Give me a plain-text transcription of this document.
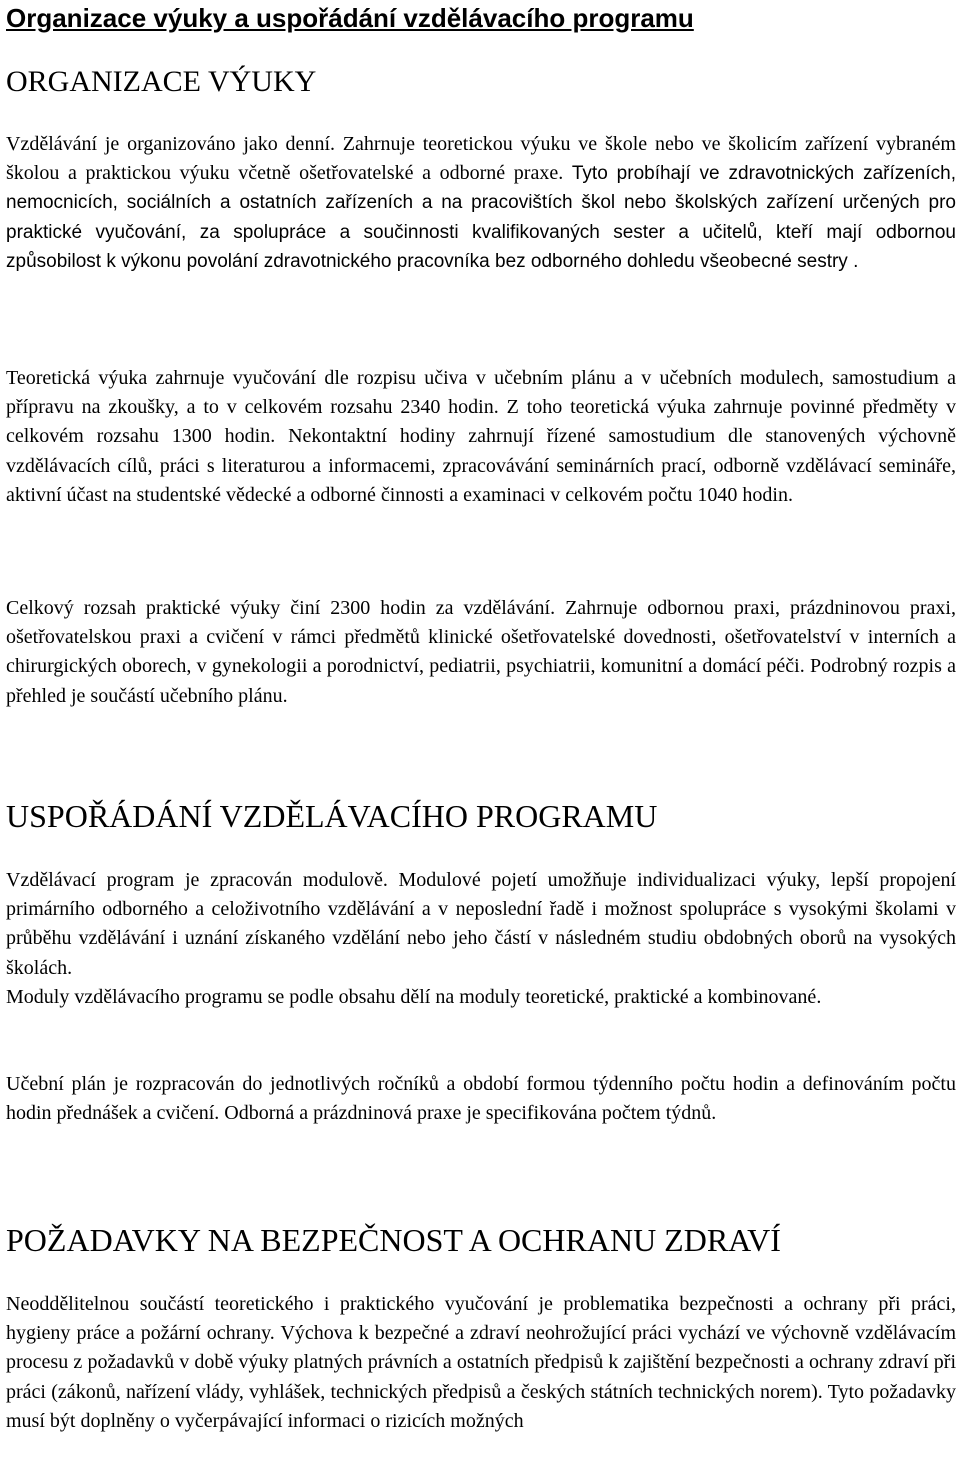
Organizace výuky a uspořádání vzdělávacího programu
ORGANIZACE VÝUKY

Vzdělávání je organizováno jako denní. Zahrnuje teoretickou výuku ve škole nebo ve školicím zařízení vybraném školou a praktickou výuku včetně ošetřovatelské a odborné praxe. Tyto probíhají ve zdravotnických zařízeních, nemocnicích, sociálních a ostatních zařízeních a na pracovištích škol nebo školských zařízení určených pro praktické vyučování, za spolupráce a součinnosti kvalifikovaných sester a učitelů, kteří mají odbornou způsobilost k výkonu povolání zdravotnického pracovníka bez odborného dohledu všeobecné sestry .

Teoretická výuka zahrnuje vyučování dle rozpisu učiva v učebním plánu a v učebních modulech, samostudium a přípravu na zkoušky, a to v celkovém rozsahu 2340 hodin. Z toho teoretická výuka zahrnuje povinné předměty v celkovém rozsahu 1300 hodin. Nekontaktní hodiny zahrnují řízené samostudium dle stanovených výchovně vzdělávacích cílů, práci s literaturou a informacemi, zpracovávání seminárních prací, odborně vzdělávací semináře, aktivní účast na studentské vědecké a odborné činnosti a examinaci v celkovém počtu 1040 hodin.

Celkový rozsah praktické výuky činí 2300 hodin za vzdělávání. Zahrnuje odbornou praxi, prázdninovou praxi, ošetřovatelskou praxi a cvičení v rámci předmětů klinické ošetřovatelské dovednosti, ošetřovatelství v interních a chirurgických oborech, v gynekologii a porodnictví, pediatrii, psychiatrii, komunitní a domácí péči. Podrobný rozpis a přehled je součástí učebního plánu.

USPOŘÁDÁNÍ VZDĚLÁVACÍHO PROGRAMU

Vzdělávací program je zpracován modulově. Modulové pojetí umožňuje individualizaci výuky, lepší propojení primárního odborného a celoživotního vzdělávání a v neposlední řadě i možnost spolupráce s vysokými školami v průběhu vzdělávání i uznání získaného vzdělání nebo jeho částí v následném studiu obdobných oborů na vysokých školách.
Moduly vzdělávacího programu se podle obsahu dělí na moduly teoretické, praktické a kombinované.

Učební plán je rozpracován do jednotlivých ročníků a období formou týdenního počtu hodin a definováním počtu hodin přednášek a cvičení. Odborná a prázdninová praxe je specifikována počtem týdnů.

POŽADAVKY NA BEZPEČNOST A OCHRANU ZDRAVÍ

Neoddělitelnou součástí teoretického i praktického vyučování je problematika bezpečnosti a ochrany při práci, hygieny práce a požární ochrany. Výchova k bezpečné a zdraví neohrožující práci vychází ve výchovně vzdělávacím procesu z požadavků v době výuky platných právních a ostatních předpisů k zajištění bezpečnosti a ochrany zdraví při práci (zákonů, nařízení vlády, vyhlášek, technických předpisů a českých státních technických norem). Tyto požadavky musí být doplněny o vyčerpávající informaci o rizicích možných
